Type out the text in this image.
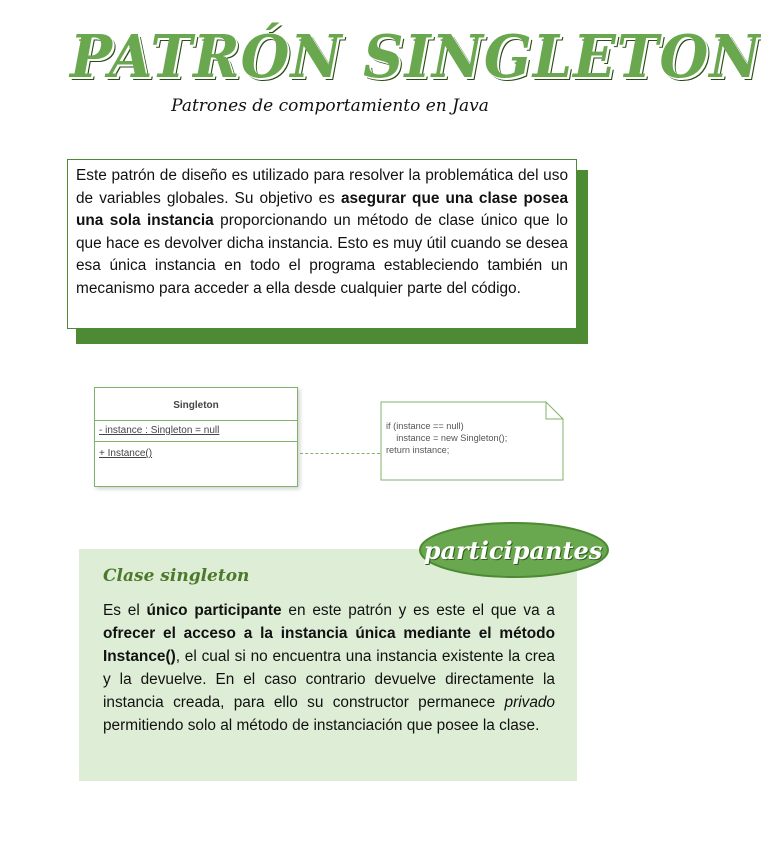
PATRÓN SINGLETON
Patrones de comportamiento en Java
Este patrón de diseño es utilizado para resolver la problemática del uso de variables globales. Su objetivo es asegurar que una clase posea una sola instancia proporcionando un método de clase único que lo que hace es devolver dicha instancia. Esto es muy útil cuando se desea esa única instancia en todo el programa estableciendo también un mecanismo para acceder a ella desde cualquier parte del código.
Singleton
- instance : Singleton = null
+ Instance()
if (instance == null)
instance = new Singleton();
return instance;
participantes
Clase singleton
Es el único participante en este patrón y es este el que va a ofrecer el acceso a la instancia única mediante el método Instance(), el cual si no encuentra una instancia existente la crea y la devuelve. En el caso contrario devuelve directamente la instancia creada, para ello su constructor permanece privado permitiendo solo al método de instanciación que posee la clase.
